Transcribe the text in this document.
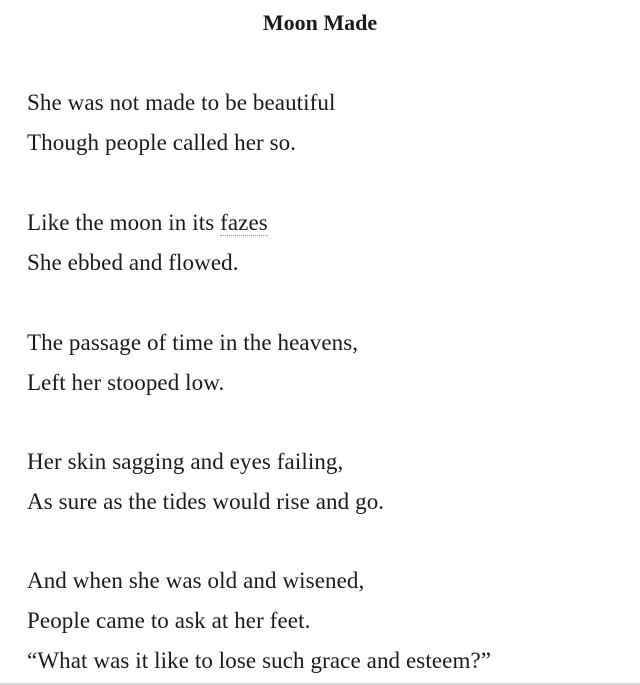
Moon Made

She was not made to be beautiful
Though people called her so.

Like the moon in its fazes
She ebbed and flowed.

The passage of time in the heavens,
Left her stooped low.

Her skin sagging and eyes failing,
As sure as the tides would rise and go.

And when she was old and wisened,
People came to ask at her feet.
“What was it like to lose such grace and esteem?”
